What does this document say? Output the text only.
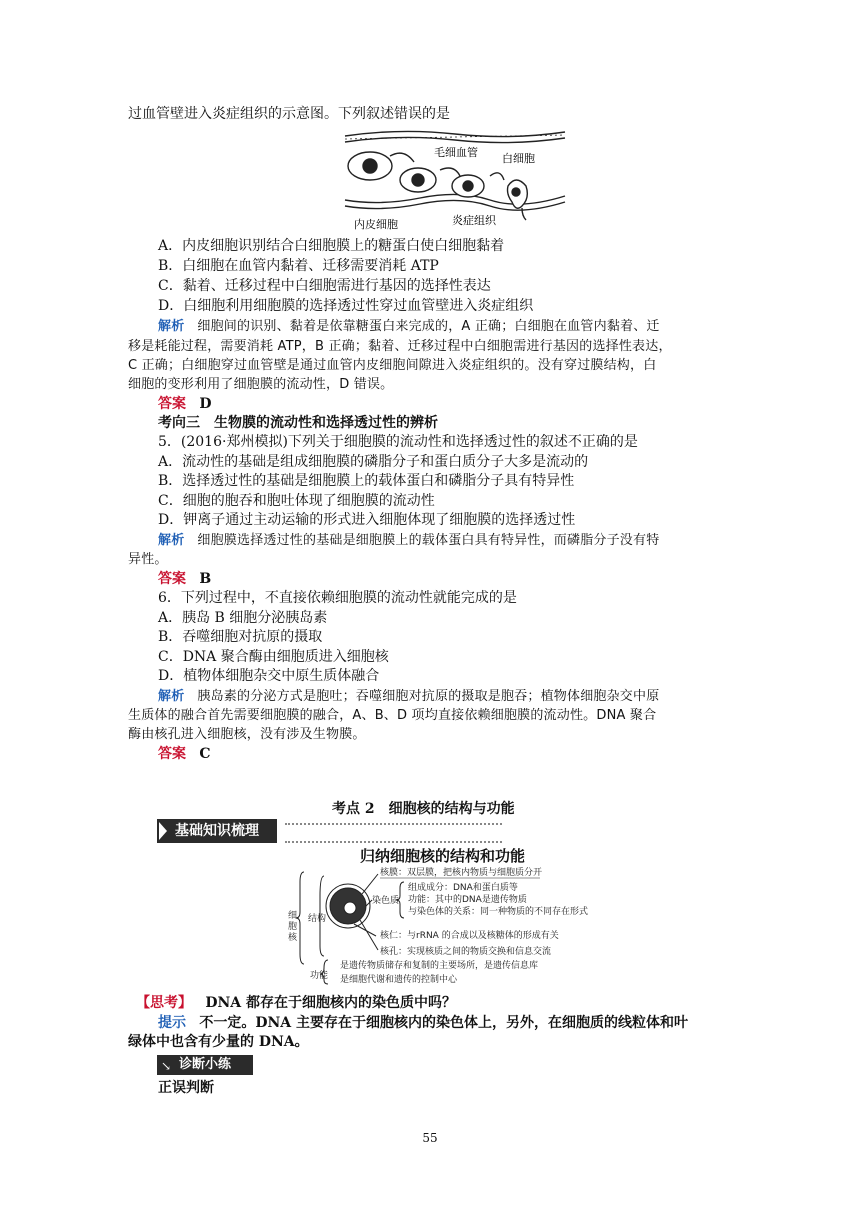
过血管壁进入炎症组织的示意图。下列叙述错误的是
毛细血管 白细胞
内皮细胞	炎症组织
A．内皮细胞识别结合白细胞膜上的糖蛋白使白细胞黏着
B．白细胞在血管内黏着、迁移需要消耗 ATP
C．黏着、迁移过程中白细胞需进行基因的选择性表达
D．白细胞利用细胞膜的选择透过性穿过血管壁进入炎症组织
解析 细胞间的识别、黏着是依靠糖蛋白来完成的，A 正确；白细胞在血管内黏着、迁
移是耗能过程，需要消耗 ATP，B 正确；黏着、迁移过程中白细胞需进行基因的选择性表达，
C 正确；白细胞穿过血管壁是通过血管内皮细胞间隙进入炎症组织的。没有穿过膜结构，白
细胞的变形利用了细胞膜的流动性，D 错误。
答案 D
考向三　生物膜的流动性和选择透过性的辨析
5．(2016·郑州模拟)下列关于细胞膜的流动性和选择透过性的叙述不正确的是
A．流动性的基础是组成细胞膜的磷脂分子和蛋白质分子大多是流动的
B．选择透过性的基础是细胞膜上的载体蛋白和磷脂分子具有特异性
C．细胞的胞吞和胞吐体现了细胞膜的流动性
D．钾离子通过主动运输的形式进入细胞体现了细胞膜的选择透过性
解析 细胞膜选择透过性的基础是细胞膜上的载体蛋白具有特异性，而磷脂分子没有特
异性。
答案 B
6．下列过程中，不直接依赖细胞膜的流动性就能完成的是
A．胰岛 B 细胞分泌胰岛素
B．吞噬细胞对抗原的摄取
C．DNA 聚合酶由细胞质进入细胞核
D．植物体细胞杂交中原生质体融合
解析 胰岛素的分泌方式是胞吐；吞噬细胞对抗原的摄取是胞吞；植物体细胞杂交中原
生质体的融合首先需要细胞膜的融合，A、B、D 项均直接依赖细胞膜的流动性。DNA 聚合
酶由核孔进入细胞核，没有涉及生物膜。
答案 C
考点 2　细胞核的结构与功能
基础知识梳理
归纳细胞核的结构和功能
细
胞
核
结构
功能
染色质
核膜：双层膜，把核内物质与细胞质分开
组成成分：DNA和蛋白质等
功能：其中的DNA是遗传物质
与染色体的关系：同一种物质的不同存在形式
核仁：与rRNA 的合成以及核糖体的形成有关
核孔：实现核质之间的物质交换和信息交流
是遗传物质储存和复制的主要场所，是遗传信息库
是细胞代谢和遗传的控制中心
【思考】 DNA 都存在于细胞核内的染色质中吗？
提示 不一定。DNA 主要存在于细胞核内的染色体上，另外，在细胞质的线粒体和叶
绿体中也含有少量的 DNA。
诊断小练
↘
正误判断
55
